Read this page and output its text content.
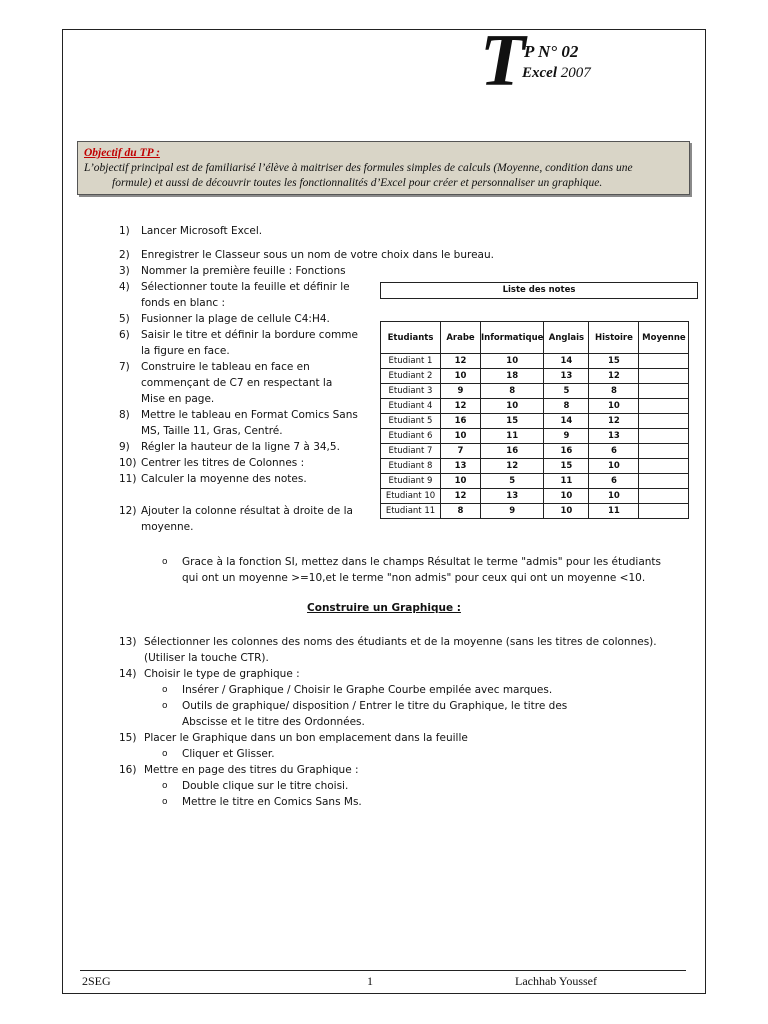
T
P N° 02
Excel 2007
Objectif du TP :
L’objectif principal est de familiarisé l’élève à maitriser des formules simples de calculs (Moyenne, condition dans une
formule) et aussi de découvrir toutes les fonctionnalités d’Excel pour créer et personnaliser un graphique.
1)	Lancer Microsoft Excel.
2)	Enregistrer le Classeur sous un nom de votre choix dans le bureau.
3)	Nommer la première feuille : Fonctions
4)	Sélectionner toute la feuille et définir le
fonds en blanc :
5)	Fusionner la plage de cellule C4:H4.
6)	Saisir le titre et définir la bordure comme
la figure en face.
7)	Construire le tableau en face en
commençant de C7 en respectant la
Mise en page.
8)	Mettre le tableau en Format Comics Sans
MS, Taille 11, Gras, Centré.
9)	Régler la hauteur de la ligne 7 à 34,5.
10) Centrer les titres de Colonnes :
11) Calculer la moyenne des notes.
12) Ajouter la colonne résultat à droite de la
moyenne.
Liste des notes
Etudiants	Arabe	Informatique	Anglais	Histoire	Moyenne
Etudiant 1	12	10	14	15	
Etudiant 2	10	18	13	12	
Etudiant 3	9	8	5	8	
Etudiant 4	12	10	8	10	
Etudiant 5	16	15	14	12	
Etudiant 6	10	11	9	13	
Etudiant 7	7	16	16	6	
Etudiant 8	13	12	15	10	
Etudiant 9	10	5	11	6	
Etudiant 10	12	13	10	10	
Etudiant 11	8	9	10	11	
o	Grace à la fonction SI, mettez dans le champs Résultat le terme "admis" pour les étudiants
qui ont un moyenne >=10,et le terme "non admis" pour ceux qui ont un moyenne <10.
Construire un Graphique :
13) Sélectionner les colonnes des noms des étudiants et de la moyenne (sans les titres de colonnes).
(Utiliser la touche CTR).
14) Choisir le type de graphique :
o	Insérer / Graphique / Choisir le Graphe Courbe empilée avec marques.
o	Outils de graphique/ disposition / Entrer le titre du Graphique, le titre des
Abscisse et le titre des Ordonnées.
15) Placer le Graphique dans un bon emplacement dans la feuille
o	Cliquer et Glisser.
16) Mettre en page des titres du Graphique :
o	Double clique sur le titre choisi.
o	Mettre le titre en Comics Sans Ms.
2SEG	1	Lachhab Youssef
